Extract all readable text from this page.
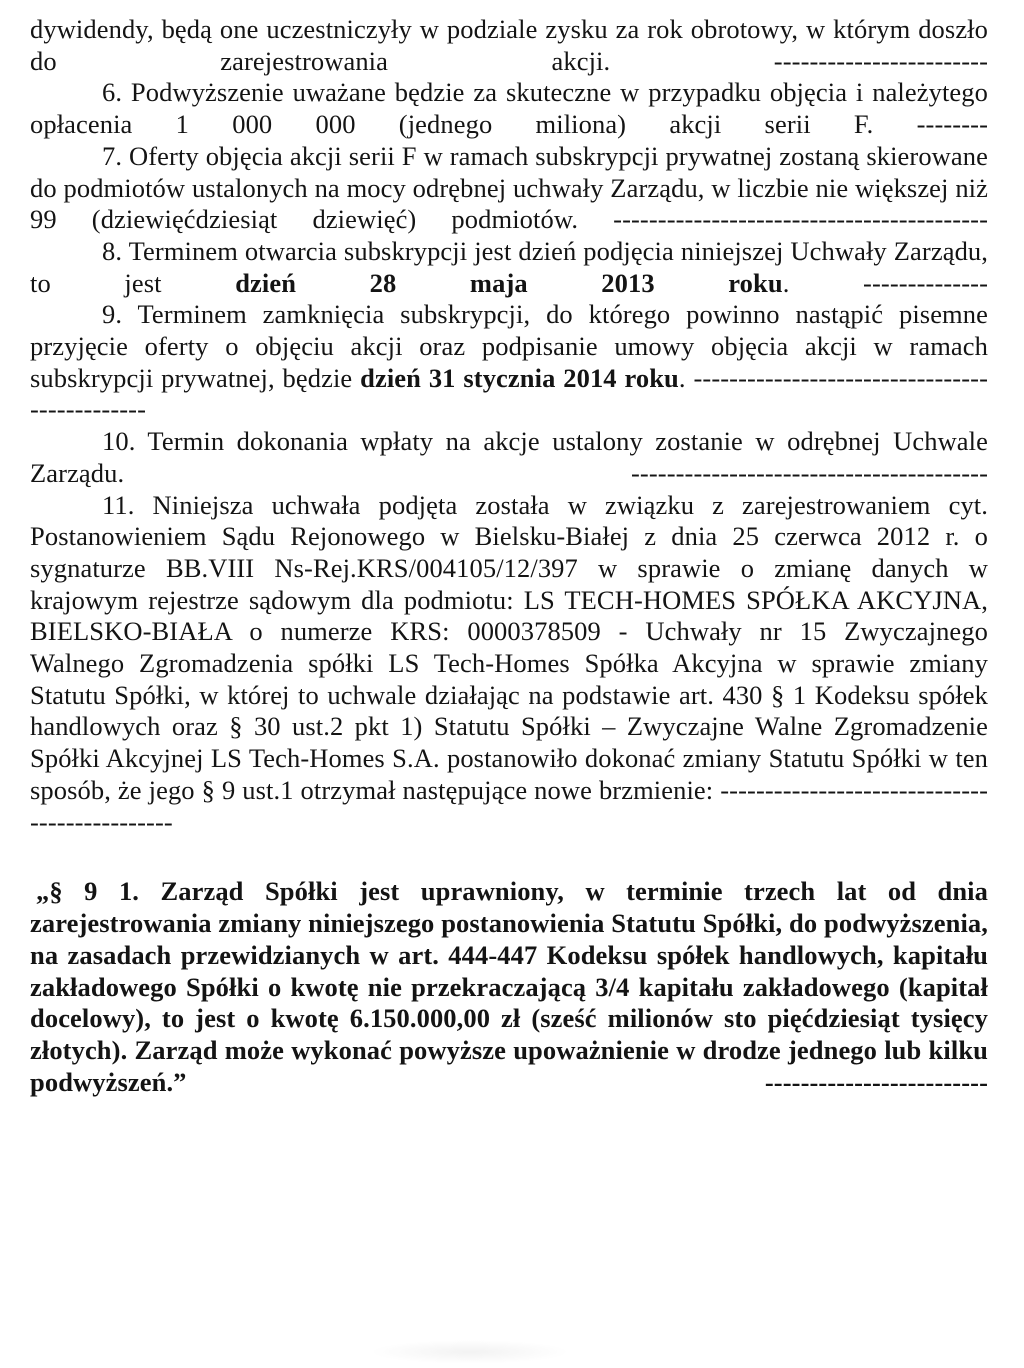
dywidendy, będą one uczestniczyły w podziale zysku za rok obrotowy, w którym doszło do zarejestrowania akcji.	------------------------

6. Podwyższenie uważane będzie za skuteczne w przypadku objęcia i należytego opłacenia 1 000 000 (jednego miliona) akcji serii F. --------

7. Oferty objęcia akcji serii F w ramach subskrypcji prywatnej zostaną skierowane do podmiotów ustalonych na mocy odrębnej uchwały Zarządu, w liczbie nie większej niż 99 (dziewięćdziesiąt dziewięć) podmiotów. ------------------------------------------

8. Terminem otwarcia subskrypcji jest dzień podjęcia niniejszej Uchwały Zarządu, to jest dzień 28 maja 2013 roku.	--------------

9. Terminem zamknięcia subskrypcji, do którego powinno nastąpić pisemne przyjęcie oferty o objęciu akcji oraz podpisanie umowy objęcia akcji w ramach subskrypcji prywatnej, będzie dzień 31 stycznia 2014 roku. ----------------------------------------------

10. Termin dokonania wpłaty na akcje ustalony zostanie w odrębnej Uchwale Zarządu.	----------------------------------------

11. Niniejsza uchwała podjęta została w związku z zarejestrowaniem cyt. Postanowieniem Sądu Rejonowego w Bielsku-Białej z dnia 25 czerwca 2012 r. o sygnaturze BB.VIII Ns-Rej.KRS/004105/12/397 w sprawie o zmianę danych w krajowym rejestrze sądowym dla podmiotu: LS TECH-HOMES SPÓŁKA AKCYJNA, BIELSKO-BIAŁA o numerze KRS: 0000378509 - Uchwały nr 15 Zwyczajnego Walnego Zgromadzenia spółki LS Tech-Homes Spółka Akcyjna w sprawie zmiany Statutu Spółki, w której to uchwale działając na podstawie art. 430 § 1 Kodeksu spółek handlowych oraz § 30 ust.2 pkt 1) Statutu Spółki – Zwyczajne Walne Zgromadzenie Spółki Akcyjnej LS Tech-Homes S.A. postanowiło dokonać zmiany Statutu Spółki w ten sposób, że jego § 9 ust.1 otrzymał następujące nowe brzmienie: ----------------------------------------------

„§ 9 1. Zarząd Spółki jest uprawniony, w terminie trzech lat od dnia zarejestrowania zmiany niniejszego postanowienia Statutu Spółki, do podwyższenia, na zasadach przewidzianych w art. 444-447 Kodeksu spółek handlowych, kapitału zakładowego Spółki o kwotę nie przekraczającą 3/4 kapitału zakładowego (kapitał docelowy), to jest o kwotę 6.150.000,00 zł (sześć milionów sto pięćdziesiąt tysięcy złotych). Zarząd może wykonać powyższe upoważnienie w drodze jednego lub kilku podwyższeń.”	-------------------------
